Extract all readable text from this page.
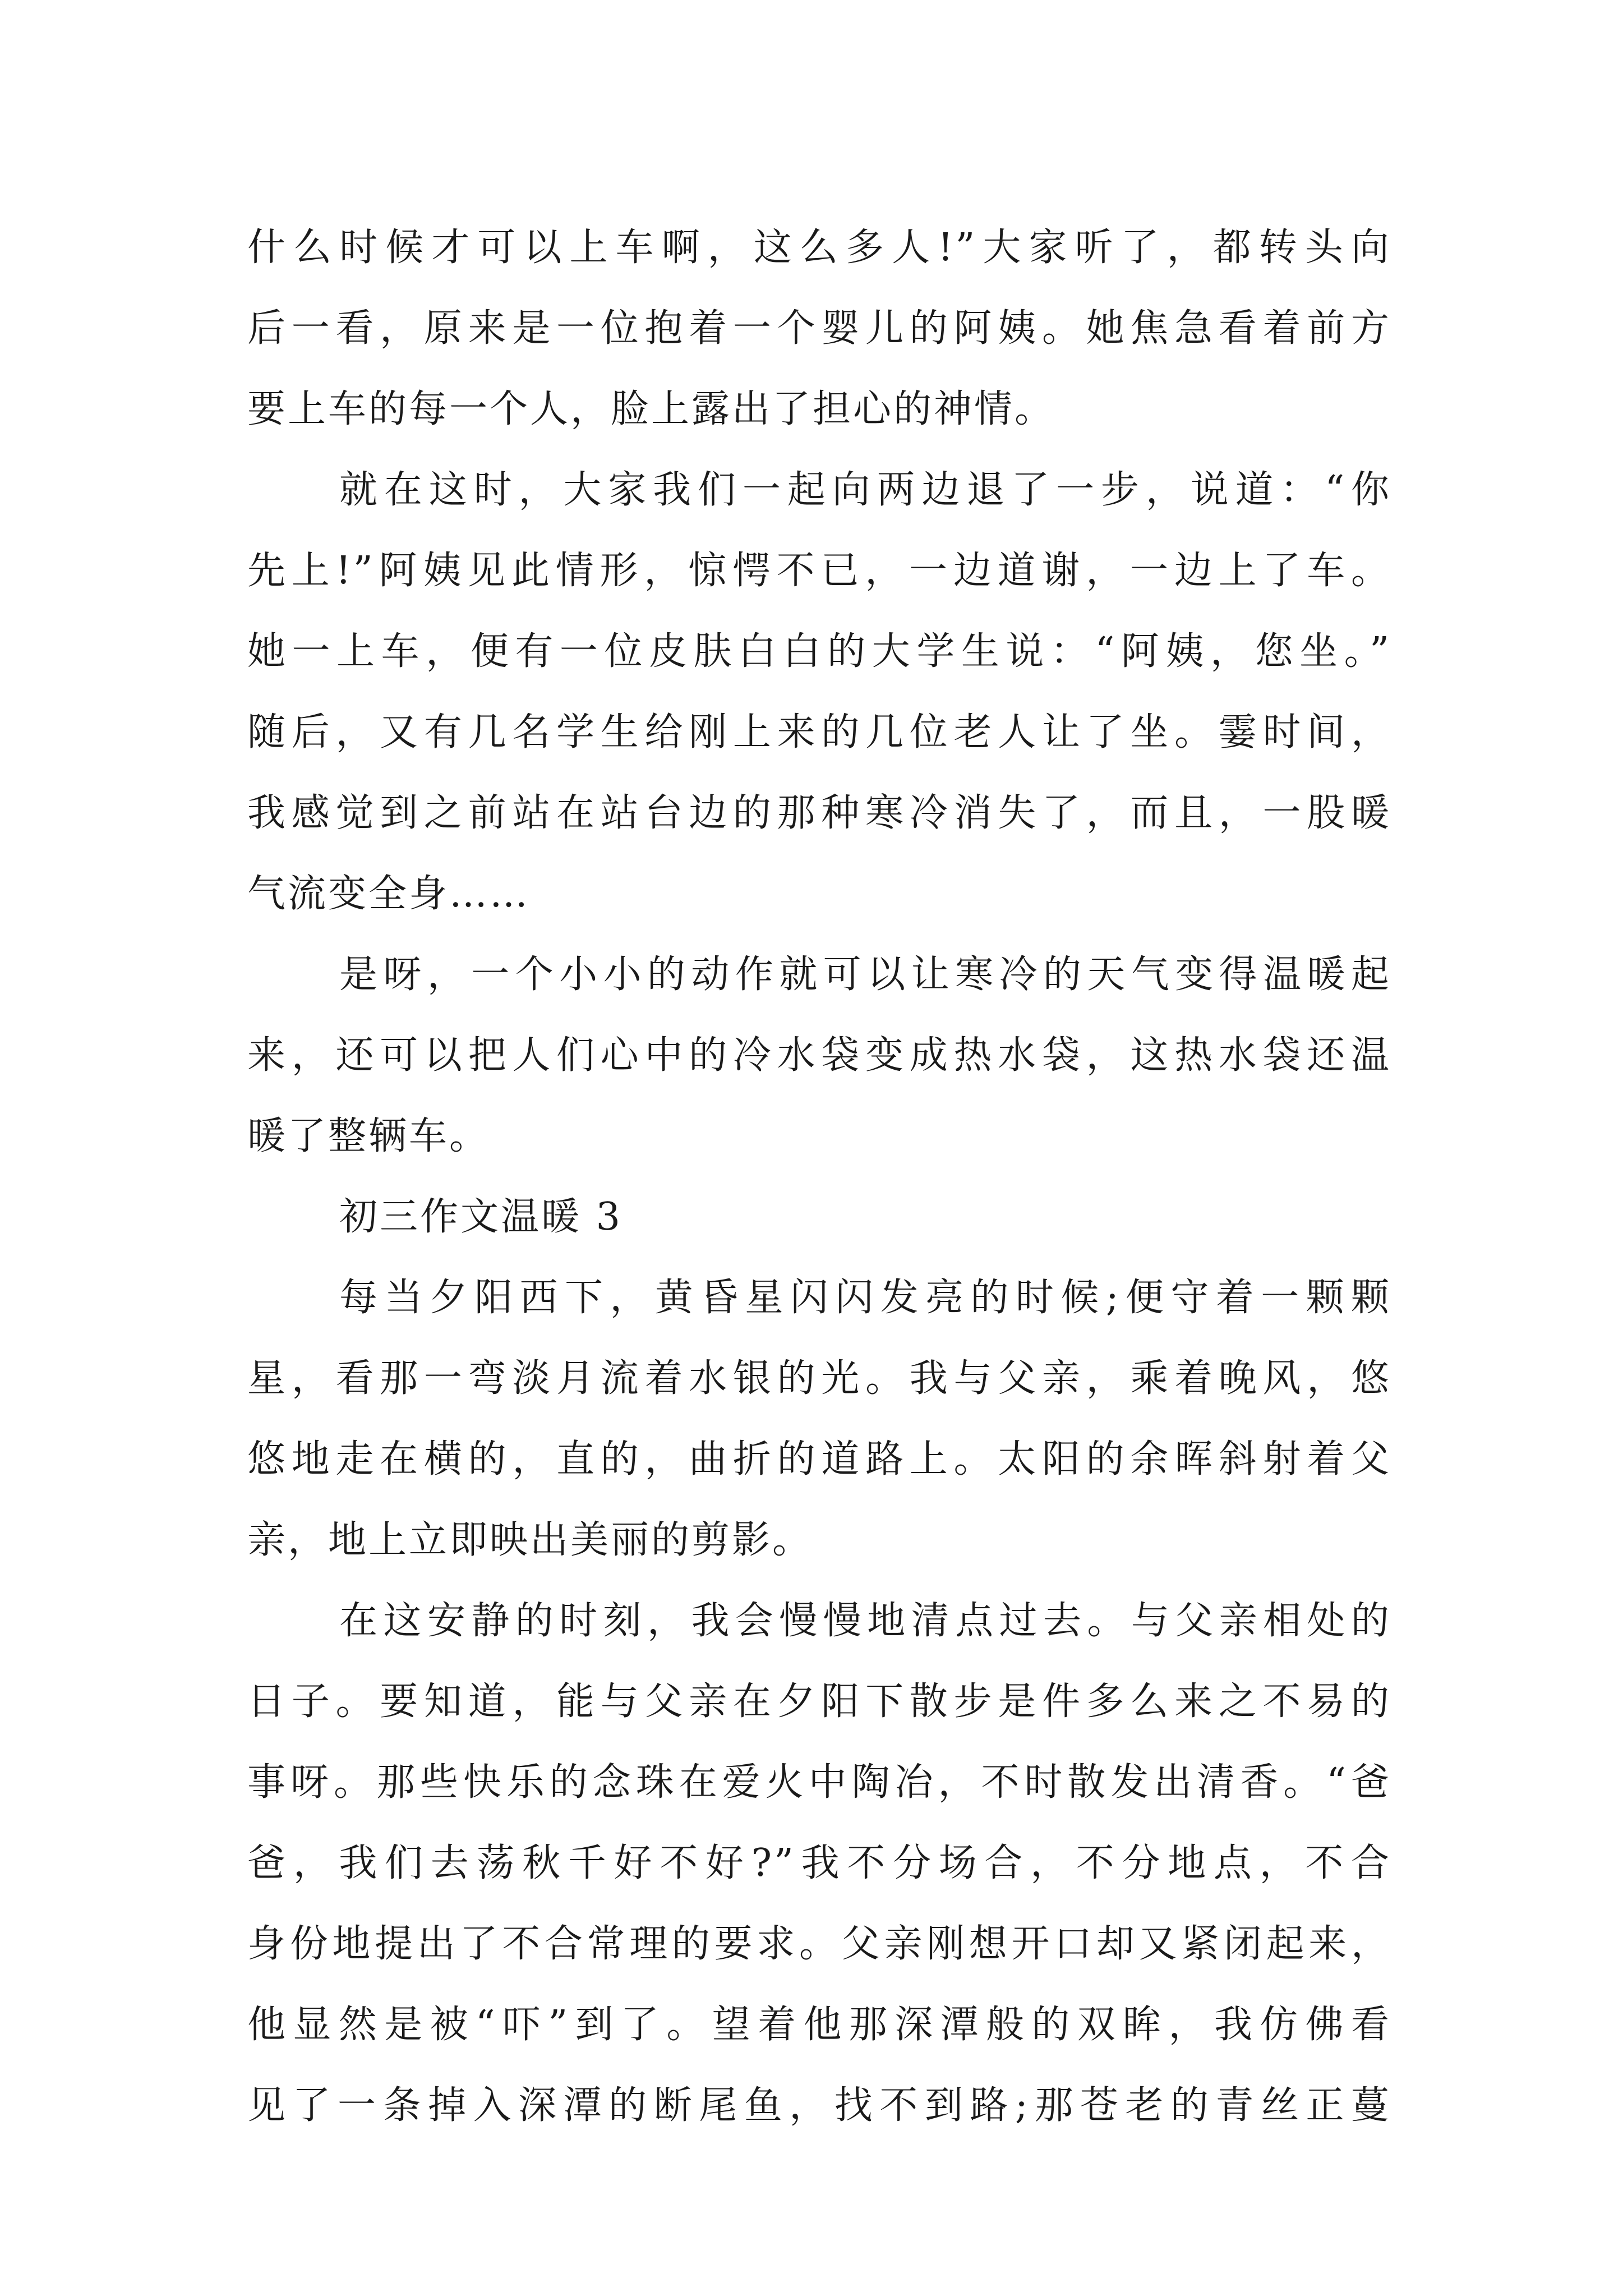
什么时候才可以上车啊，这么多人!”大家听了，都转头向
后一看，原来是一位抱着一个婴儿的阿姨。她焦急看着前方
要上车的每一个人，脸上露出了担心的神情。
就在这时，大家我们一起向两边退了一步，说道：“你
先上!”阿姨见此情形，惊愕不已，一边道谢，一边上了车。
她一上车，便有一位皮肤白白的大学生说：“阿姨，您坐。”
随后，又有几名学生给刚上来的几位老人让了坐。霎时间，
我感觉到之前站在站台边的那种寒冷消失了，而且，一股暖
气流变全身……
是呀，一个小小的动作就可以让寒冷的天气变得温暖起
来，还可以把人们心中的冷水袋变成热水袋，这热水袋还温
暖了整辆车。
初三作文温暖 3
每当夕阳西下，黄昏星闪闪发亮的时候;便守着一颗颗
星，看那一弯淡月流着水银的光。我与父亲，乘着晚风，悠
悠地走在横的，直的，曲折的道路上。太阳的余晖斜射着父
亲，地上立即映出美丽的剪影。
在这安静的时刻，我会慢慢地清点过去。与父亲相处的
日子。要知道，能与父亲在夕阳下散步是件多么来之不易的
事呀。那些快乐的念珠在爱火中陶冶，不时散发出清香。“爸
爸，我们去荡秋千好不好?”我不分场合，不分地点，不合
身份地提出了不合常理的要求。父亲刚想开口却又紧闭起来，
他显然是被“吓”到了。望着他那深潭般的双眸，我仿佛看
见了一条掉入深潭的断尾鱼，找不到路;那苍老的青丝正蔓
